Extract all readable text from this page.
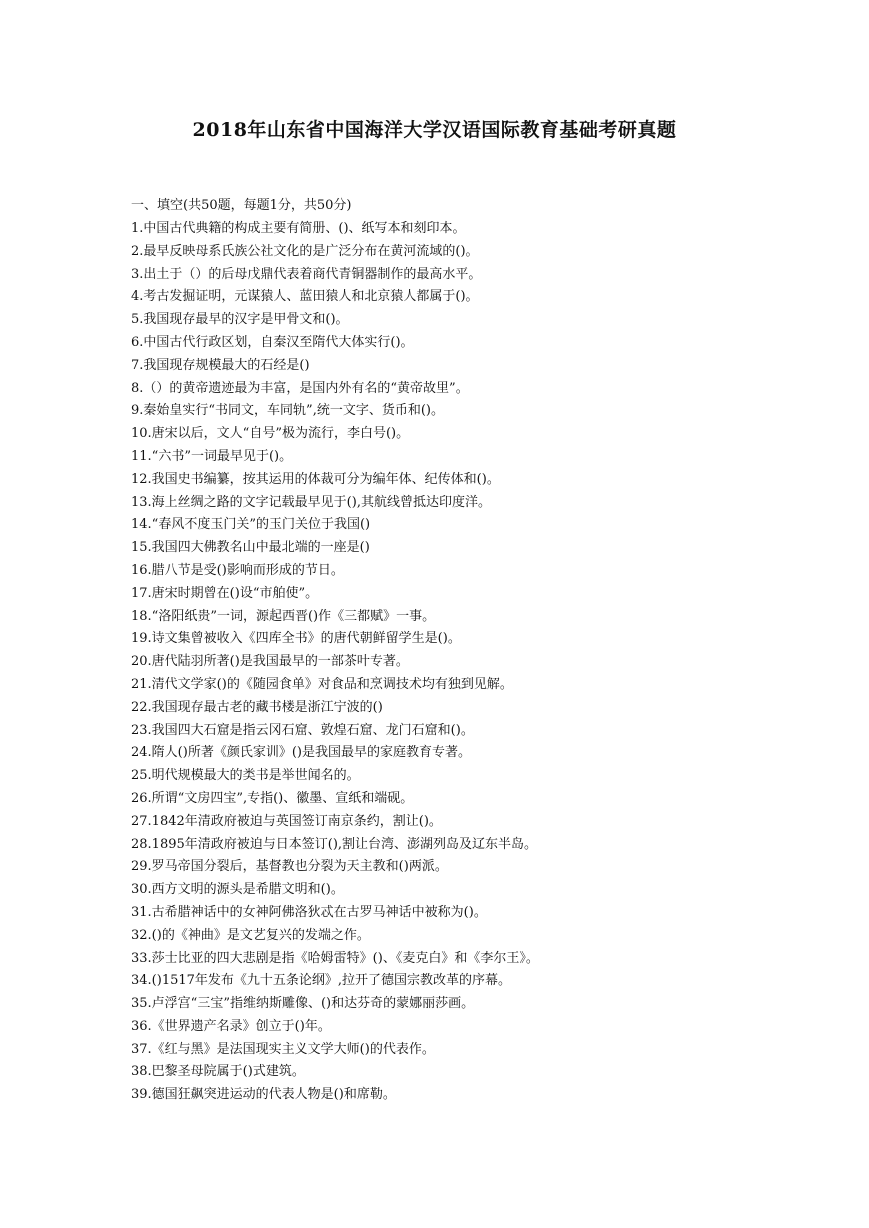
2018年山东省中国海洋大学汉语国际教育基础考研真题
一、填空(共50题，每题1分，共50分)
1.中国古代典籍的构成主要有简册、()、纸写本和刻印本。
2.最早反映母系氏族公社文化的是广泛分布在黄河流域的()。
3.出土于（）的后母戊鼎代表着商代青铜器制作的最高水平。
4.考古发掘证明，元谋猿人、蓝田猿人和北京猿人都属于()。
5.我国现存最早的汉字是甲骨文和()。
6.中国古代行政区划，自秦汉至隋代大体实行()。
7.我国现存规模最大的石经是()
8.（）的黄帝遗迹最为丰富，是国内外有名的“黄帝故里”。
9.秦始皇实行“书同文，车同轨”,统一文字、货币和()。
10.唐宋以后，文人“自号”极为流行，李白号()。
11.“六书”一词最早见于()。
12.我国史书编纂，按其运用的体裁可分为编年体、纪传体和()。
13.海上丝绸之路的文字记载最早见于(),其航线曾抵达印度洋。
14.“春风不度玉门关”的玉门关位于我国()
15.我国四大佛教名山中最北端的一座是()
16.腊八节是受()影响而形成的节日。
17.唐宋时期曾在()设“市舶使”。
18.“洛阳纸贵”一词，源起西晋()作《三都赋》一事。
19.诗文集曾被收入《四库全书》的唐代朝鲜留学生是()。
20.唐代陆羽所著()是我国最早的一部茶叶专著。
21.清代文学家()的《随园食单》对食品和烹调技术均有独到见解。
22.我国现存最古老的藏书楼是浙江宁波的()
23.我国四大石窟是指云冈石窟、敦煌石窟、龙门石窟和()。
24.隋人()所著《颜氏家训》()是我国最早的家庭教育专著。
25.明代规模最大的类书是举世闻名的。
26.所谓“文房四宝”,专指()、徽墨、宣纸和端砚。
27.1842年清政府被迫与英国签订南京条约，割让()。
28.1895年清政府被迫与日本签订(),割让台湾、澎湖列岛及辽东半岛。
29.罗马帝国分裂后，基督教也分裂为天主教和()两派。
30.西方文明的源头是希腊文明和()。
31.古希腊神话中的女神阿佛洛狄忒在古罗马神话中被称为()。
32.()的《神曲》是文艺复兴的发端之作。
33.莎士比亚的四大悲剧是指《哈姆雷特》()、《麦克白》和《李尔王》。
34.()1517年发布《九十五条论纲》,拉开了德国宗教改革的序幕。
35.卢浮宫“三宝”指维纳斯雕像、()和达芬奇的蒙娜丽莎画。
36.《世界遗产名录》创立于()年。
37.《红与黑》是法国现实主义文学大师()的代表作。
38.巴黎圣母院属于()式建筑。
39.德国狂飙突进运动的代表人物是()和席勒。
